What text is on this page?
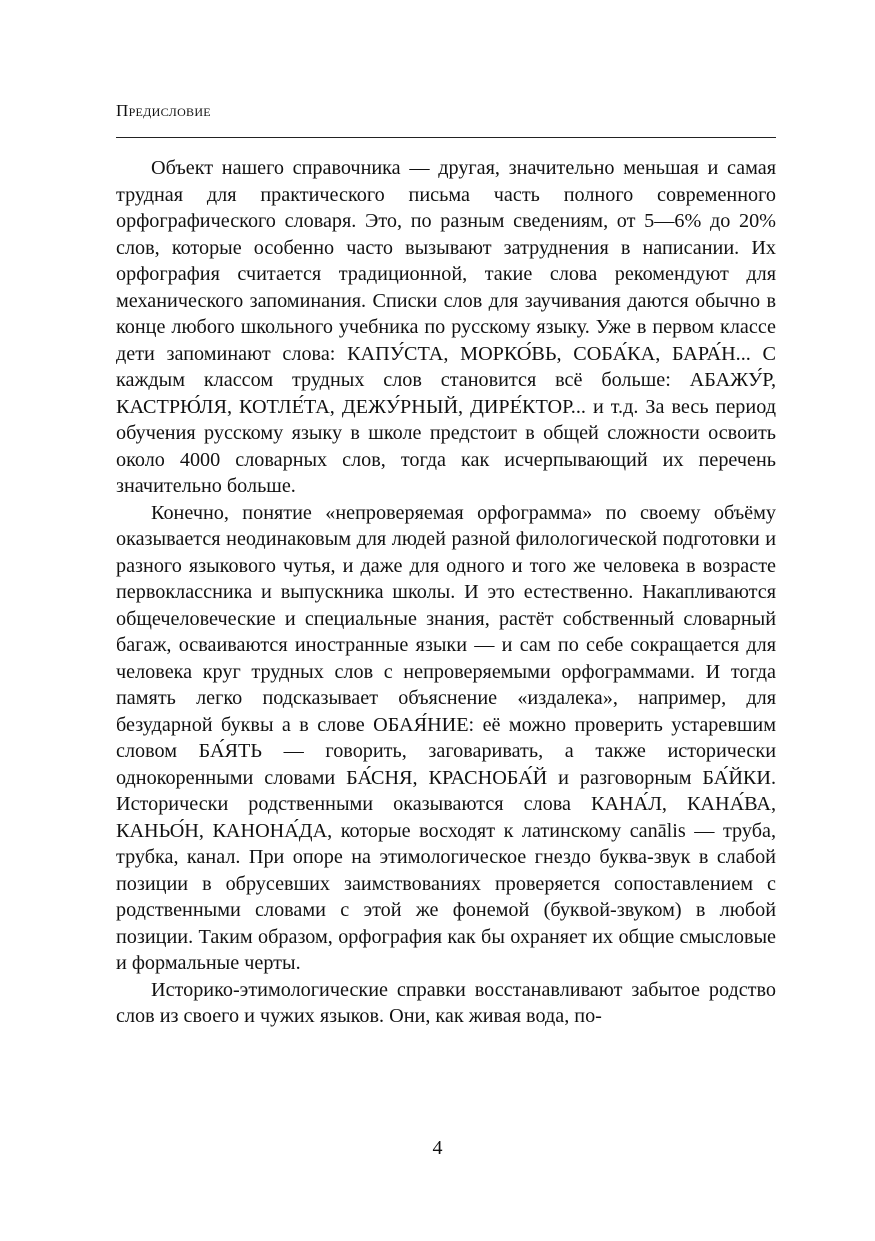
Предисловие

Объект нашего справочника — другая, значительно меньшая и самая трудная для практического письма часть полного современного орфографического словаря. Это, по разным сведениям, от 5—6% до 20% слов, которые особенно часто вызывают затруднения в написании. Их орфография считается традиционной, такие слова рекомендуют для механического запоминания. Списки слов для заучивания даются обычно в конце любого школьного учебника по русскому языку. Уже в первом классе дети запоминают слова: КАПУ́СТА, МОРКО́ВЬ, СОБА́КА, БАРА́Н... С каждым классом трудных слов становится всё больше: АБАЖУ́Р, КАСТРЮ́ЛЯ, КОТЛЕ́ТА, ДЕЖУ́РНЫЙ, ДИРЕ́КТОР... и т.д. За весь период обучения русскому языку в школе предстоит в общей сложности освоить около 4000 словарных слов, тогда как исчерпывающий их перечень значительно больше.

Конечно, понятие «непроверяемая орфограмма» по своему объёму оказывается неодинаковым для людей разной филологической подготовки и разного языкового чутья, и даже для одного и того же человека в возрасте первоклассника и выпускника школы. И это естественно. Накапливаются общечеловеческие и специальные знания, растёт собственный словарный багаж, осваиваются иностранные языки — и сам по себе сокращается для человека круг трудных слов с непроверяемыми орфограммами. И тогда память легко подсказывает объяснение «издалека», например, для безударной буквы а в слове ОБАЯ́НИЕ: её можно проверить устаревшим словом БА́ЯТЬ — говорить, заговаривать, а также исторически однокоренными словами БА́СНЯ, КРАСНОБА́Й и разговорным БА́ЙКИ. Исторически родственными оказываются слова КАНА́Л, КАНА́ВА, КАНЬО́Н, КАНОНА́ДА, которые восходят к латинскому canālis — труба, трубка, канал. При опоре на этимологическое гнездо буква-звук в слабой позиции в обрусевших заимствованиях проверяется сопоставлением с родственными словами с этой же фонемой (буквой-звуком) в любой позиции. Таким образом, орфография как бы охраняет их общие смысловые и формальные черты.

Историко-этимологические справки восстанавливают забытое родство слов из своего и чужих языков. Они, как живая вода, по-

4
